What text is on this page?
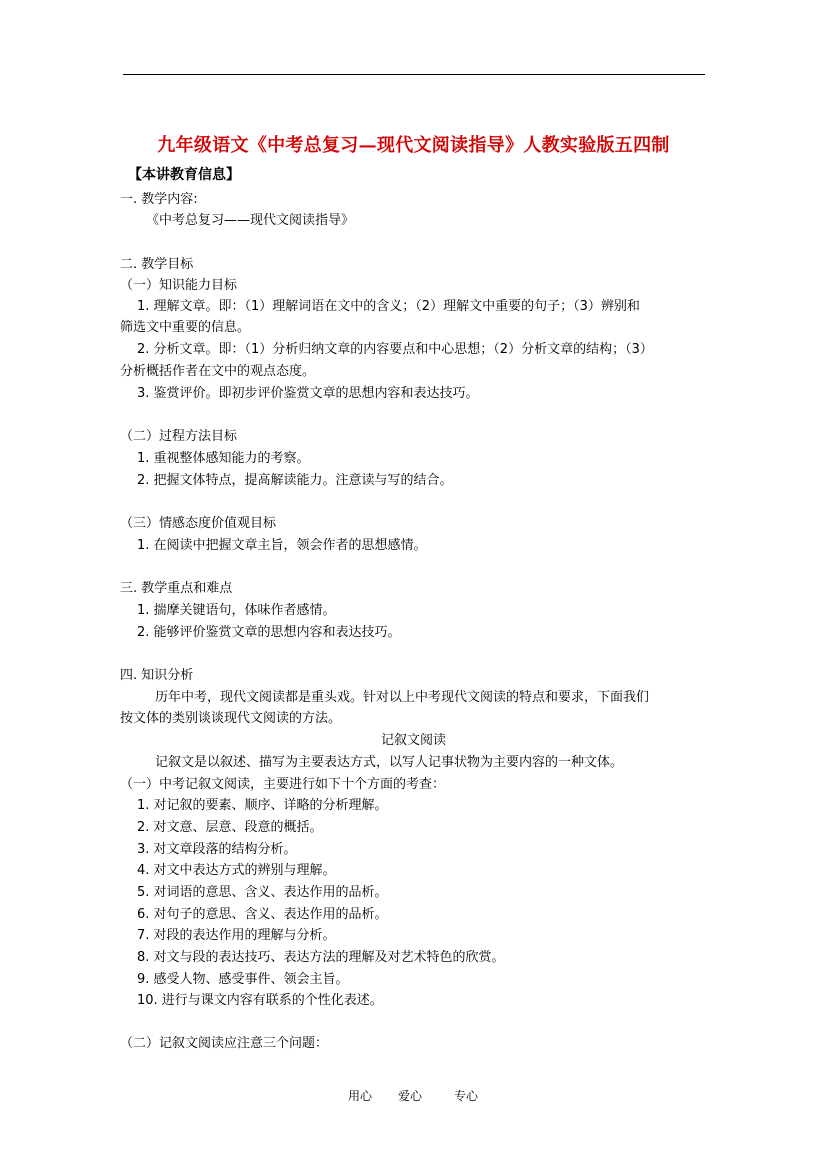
九年级语文《中考总复习—现代文阅读指导》人教实验版五四制
【本讲教育信息】
一. 教学内容:
《中考总复习——现代文阅读指导》
二. 教学目标
（一）知识能力目标
1. 理解文章。即：（1）理解词语在文中的含义；（2）理解文中重要的句子；（3）辨别和
筛选文中重要的信息。
2. 分析文章。即：（1）分析归纳文章的内容要点和中心思想；（2）分析文章的结构；（3）
分析概括作者在文中的观点态度。
3. 鉴赏评价。即初步评价鉴赏文章的思想内容和表达技巧。
（二）过程方法目标
1. 重视整体感知能力的考察。
2. 把握文体特点，提高解读能力。注意读与写的结合。
（三）情感态度价值观目标
1. 在阅读中把握文章主旨，领会作者的思想感情。
三. 教学重点和难点
1. 揣摩关键语句，体味作者感情。
2. 能够评价鉴赏文章的思想内容和表达技巧。
四. 知识分析
历年中考，现代文阅读都是重头戏。针对以上中考现代文阅读的特点和要求，下面我们
按文体的类别谈谈现代文阅读的方法。
记叙文阅读
记叙文是以叙述、描写为主要表达方式，以写人记事状物为主要内容的一种文体。
（一）中考记叙文阅读，主要进行如下十个方面的考查：
1. 对记叙的要素、顺序、详略的分析理解。
2. 对文意、层意、段意的概括。
3. 对文章段落的结构分析。
4. 对文中表达方式的辨别与理解。
5. 对词语的意思、含义、表达作用的品析。
6. 对句子的意思、含义、表达作用的品析。
7. 对段的表达作用的理解与分析。
8. 对文与段的表达技巧、表达方法的理解及对艺术特色的欣赏。
9. 感受人物、感受事件、领会主旨。
10. 进行与课文内容有联系的个性化表述。
（二）记叙文阅读应注意三个问题：
用心 爱心	专心
